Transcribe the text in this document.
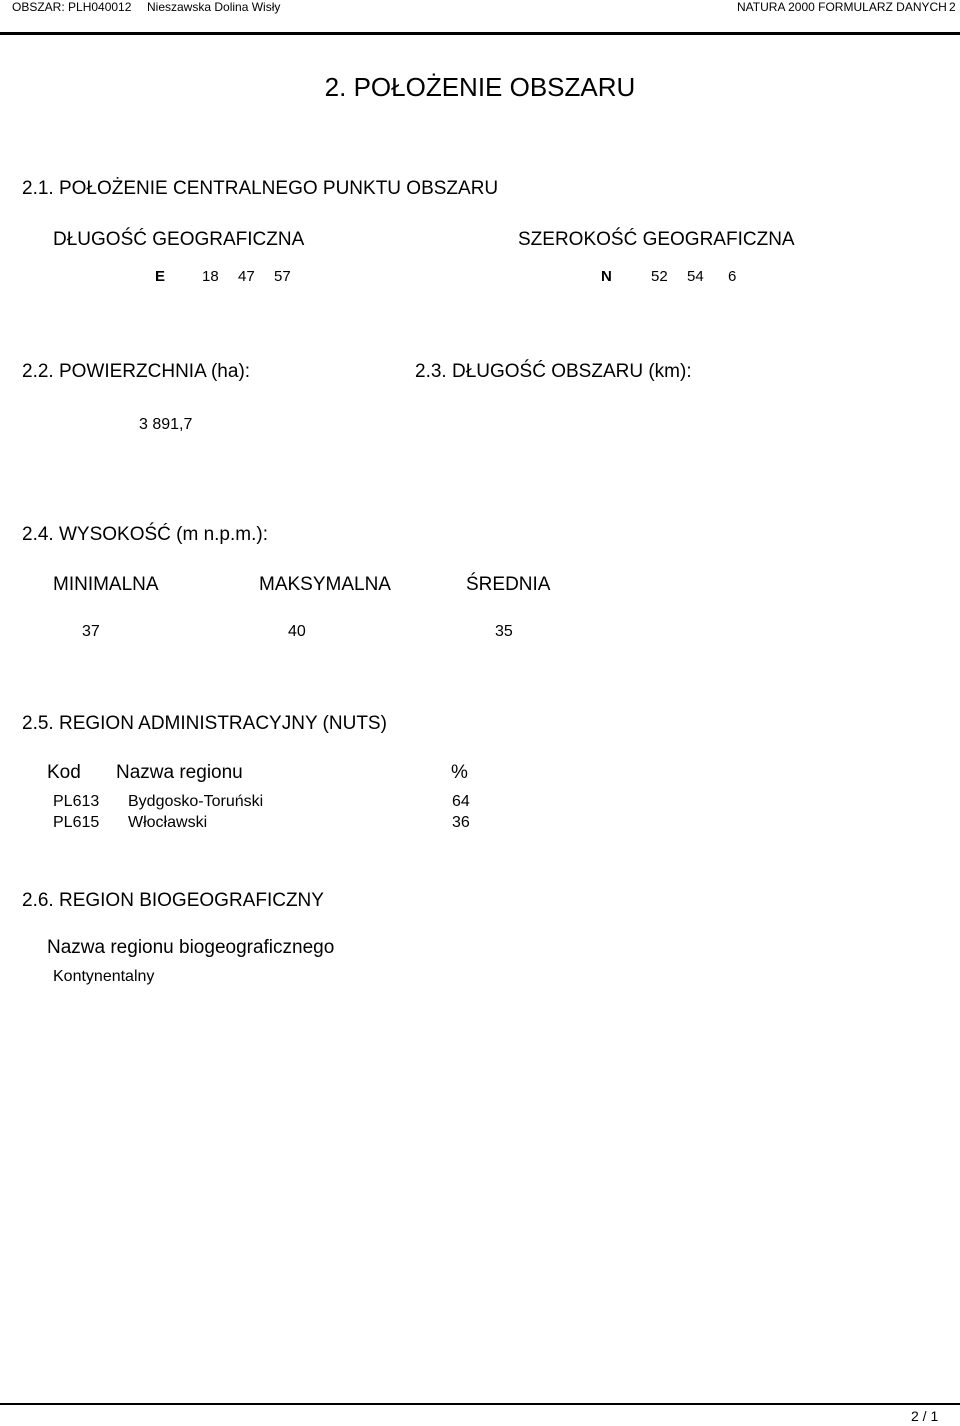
OBSZAR: PLH040012 Nieszawska Dolina Wisły	NATURA 2000 FORMULARZ DANYCH 2
2. POŁOŻENIE OBSZARU
2.1. POŁOŻENIE CENTRALNEGO PUNKTU OBSZARU
DŁUGOŚĆ GEOGRAFICZNA	SZEROKOŚĆ GEOGRAFICZNA
E 18 47 57	N	52 54 6
2.2. POWIERZCHNIA (ha):	2.3. DŁUGOŚĆ OBSZARU (km):
3 891,7
2.4. WYSOKOŚĆ (m n.p.m.):
MINIMALNA	MAKSYMALNA	ŚREDNIA
37	40	35
2.5. REGION ADMINISTRACYJNY (NUTS)
Kod Nazwa regionu	%
PL613 Bydgosko-Toruński	64
PL615 Włocławski	36
2.6. REGION BIOGEOGRAFICZNY
Nazwa regionu biogeograficznego
Kontynentalny
2 / 1
